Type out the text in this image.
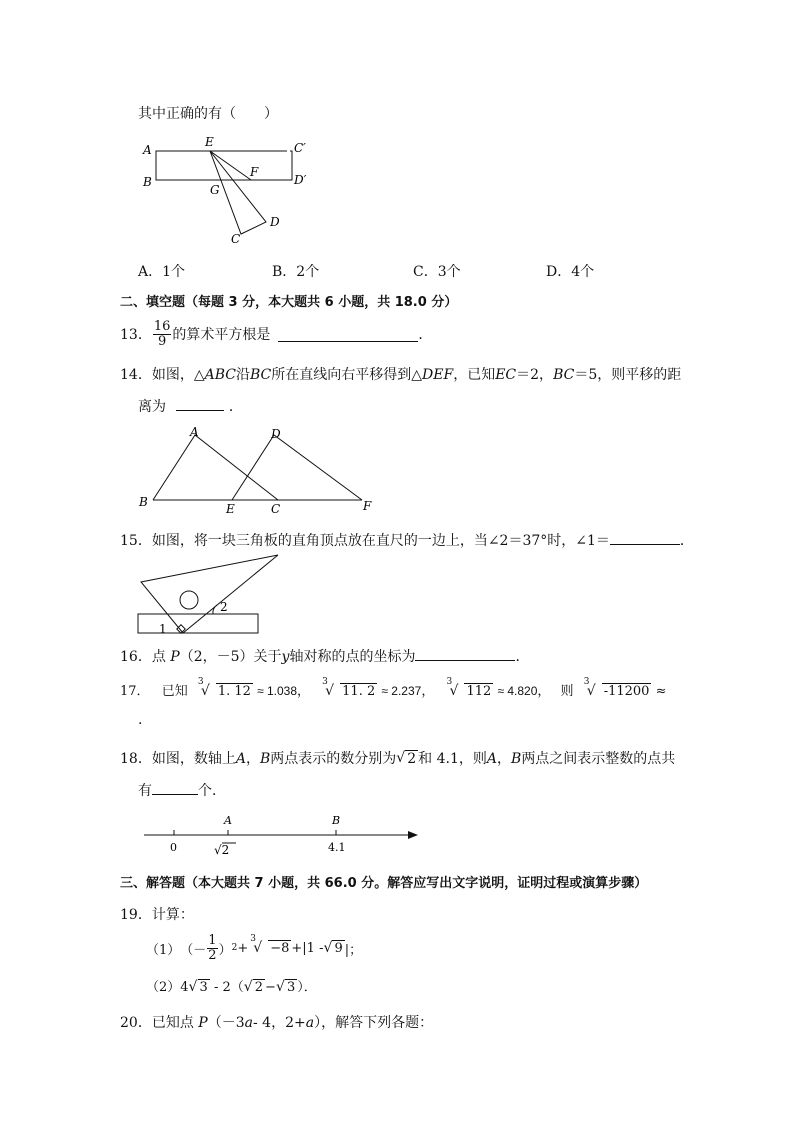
其中正确的有（　　）
A
B
E	C′
D′
F
G
C
D
A．1个	B．2个	C．3个	D．4个
二、填空题（每题 3 分，本大题共 6 小题，共 18.0 分）
13． $\frac{16}{9}$ 的算术平方根是	．
14．如图，△ABC沿BC所在直线向右平移得到△DEF，已知EC＝2，BC＝5，则平移的距
离为	．
A	D
B	E	C	F
15．如图，将一块三角板的直角顶点放在直尺的一边上，当∠2＝37°时，∠1＝	．
2
1
16．点 P（2，－5）关于y轴对称的点的坐标为	．
17． 已知
3
√ 1. 12 ≈ 1.038，
3
√ 11. 2 ≈ 2.237，
3
√ 112 ≈ 4.820， 则
3
√ -11200 ≈
.
18．如图，数轴上A，B两点表示的数分别为 √ 2 和 4.1，则A，B两点之间表示整数的点共
有	个．
0
A	B
√2	4.1
三、解答题（本大题共 7 小题，共 66.0 分。解答应写出文字说明，证明过程或演算步骤）
19．计算：
（1） （－ $\frac{1}{2}$ ） 2 +
3
√ −8 +|1 - √ 9 |；
（2）4 √ 3 - 2（ √ 2 − √ 3 ）．
20．已知点 P（－3a- 4，2+a），解答下列各题：
